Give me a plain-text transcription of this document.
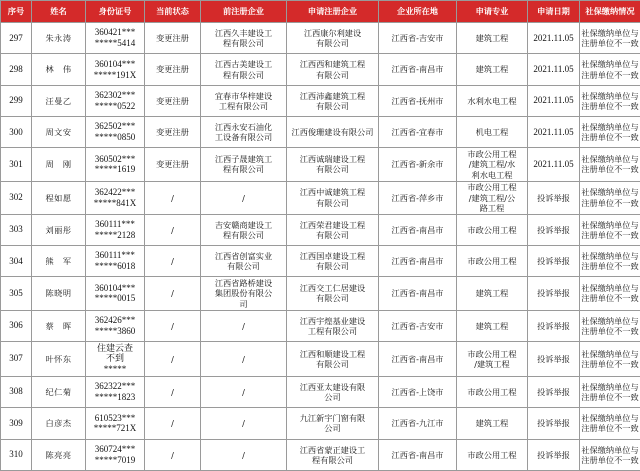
序号	姓名	身份证号	当前状态	前注册企业	申请注册企业	企业所在地	申请专业	申请日期	社保缴纳情况
297	朱永涛	360421***
*****5414	变更注册	江西久丰建设工
程有限公司	江西康尔利建设
有限公司	江西省-吉安市	建筑工程	2021.11.05	社保缴纳单位与
注册单位不一致

298	林　伟	360104***
*****191X	变更注册	江西古美建设工
程有限公司	江西西和建筑工程
有限公司	江西省-南昌市	建筑工程	2021.11.05	社保缴纳单位与
注册单位不一致

299	汪曼乙	362302***
*****0522	变更注册	宜春市华梓建设
工程有限公司	江西沛鑫建筑工程
有限公司	江西省-抚州市	水利水电工程	2021.11.05	社保缴纳单位与
注册单位不一致

300	周文安	362502***
*****0850	变更注册	江西永安石油化
工设备有限公司	江西俊珊建设有限公司	江西省-宜春市	机电工程	2021.11.05	社保缴纳单位与
注册单位不一致

301	周　刚	360502***
*****1619	变更注册	江西子晟建筑工
程有限公司	江西诚瑞建设工程
有限公司	江西省-新余市	市政公用工程
/建筑工程/水
利水电工程	2021.11.05	社保缴纳单位与
注册单位不一致

302	程如愿	362422***
*****841X	/	/	江西中诚建筑工程
有限公司	江西省-萍乡市	市政公用工程
/建筑工程/公
路工程	投诉举报	社保缴纳单位与
注册单位不一致

303	刘丽彤	360111***
*****2128	/	吉安赣商建设工
程有限公司	江西荣君建设工程
有限公司	江西省-南昌市	市政公用工程	投诉举报	社保缴纳单位与
注册单位不一致

304	熊　军	360111***
*****6018	/	江西省创富实业
有限公司	江西国卓建设工程
有限公司	江西省-南昌市	市政公用工程	投诉举报	社保缴纳单位与
注册单位不一致

305	陈晓明	360104***
*****0015	/	江西省路桥建设
集团股份有限公
司	江西交工仁居建设
有限公司	江西省-南昌市	建筑工程	投诉举报	社保缴纳单位与
注册单位不一致

306	蔡　晖	362426***
*****3860	/	/	江西宇煌基业建设
工程有限公司	江西省-吉安市	建筑工程	投诉举报	社保缴纳单位与
注册单位不一致

307	叶怀东	住建云查
不到
*****	/	/	江西和顺建设工程
有限公司	江西省-南昌市	市政公用工程
/建筑工程	投诉举报	社保缴纳单位与
注册单位不一致

308	纪仁菊	362322***
*****1823	/	/	江西亚太建设有限
公司	江西省-上饶市	市政公用工程	投诉举报	社保缴纳单位与
注册单位不一致

309	白彦杰	610523***
*****721X	/	/	九江新宇门窗有限
公司	江西省-九江市	建筑工程	投诉举报	社保缴纳单位与
注册单位不一致

310	陈亮亮	360724***
*****7019	/	/	江西省蒙正建设工
程有限公司	江西省-南昌市	市政公用工程	投诉举报	社保缴纳单位与
注册单位不一致
